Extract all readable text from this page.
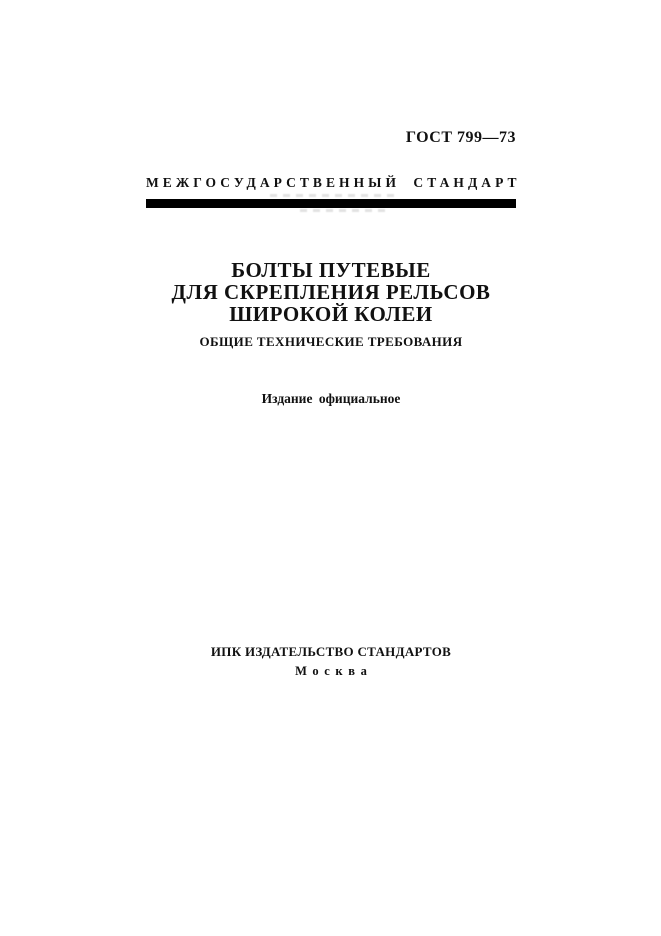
ГОСТ 799—73
МЕЖГОСУДАРСТВЕННЫЙ СТАНДАРТ
БОЛТЫ ПУТЕВЫЕ
ДЛЯ СКРЕПЛЕНИЯ РЕЛЬСОВ
ШИРОКОЙ КОЛЕИ
ОБЩИЕ ТЕХНИЧЕСКИЕ ТРЕБОВАНИЯ
Издание официальное
ИПК ИЗДАТЕЛЬСТВО СТАНДАРТОВ
Москва
